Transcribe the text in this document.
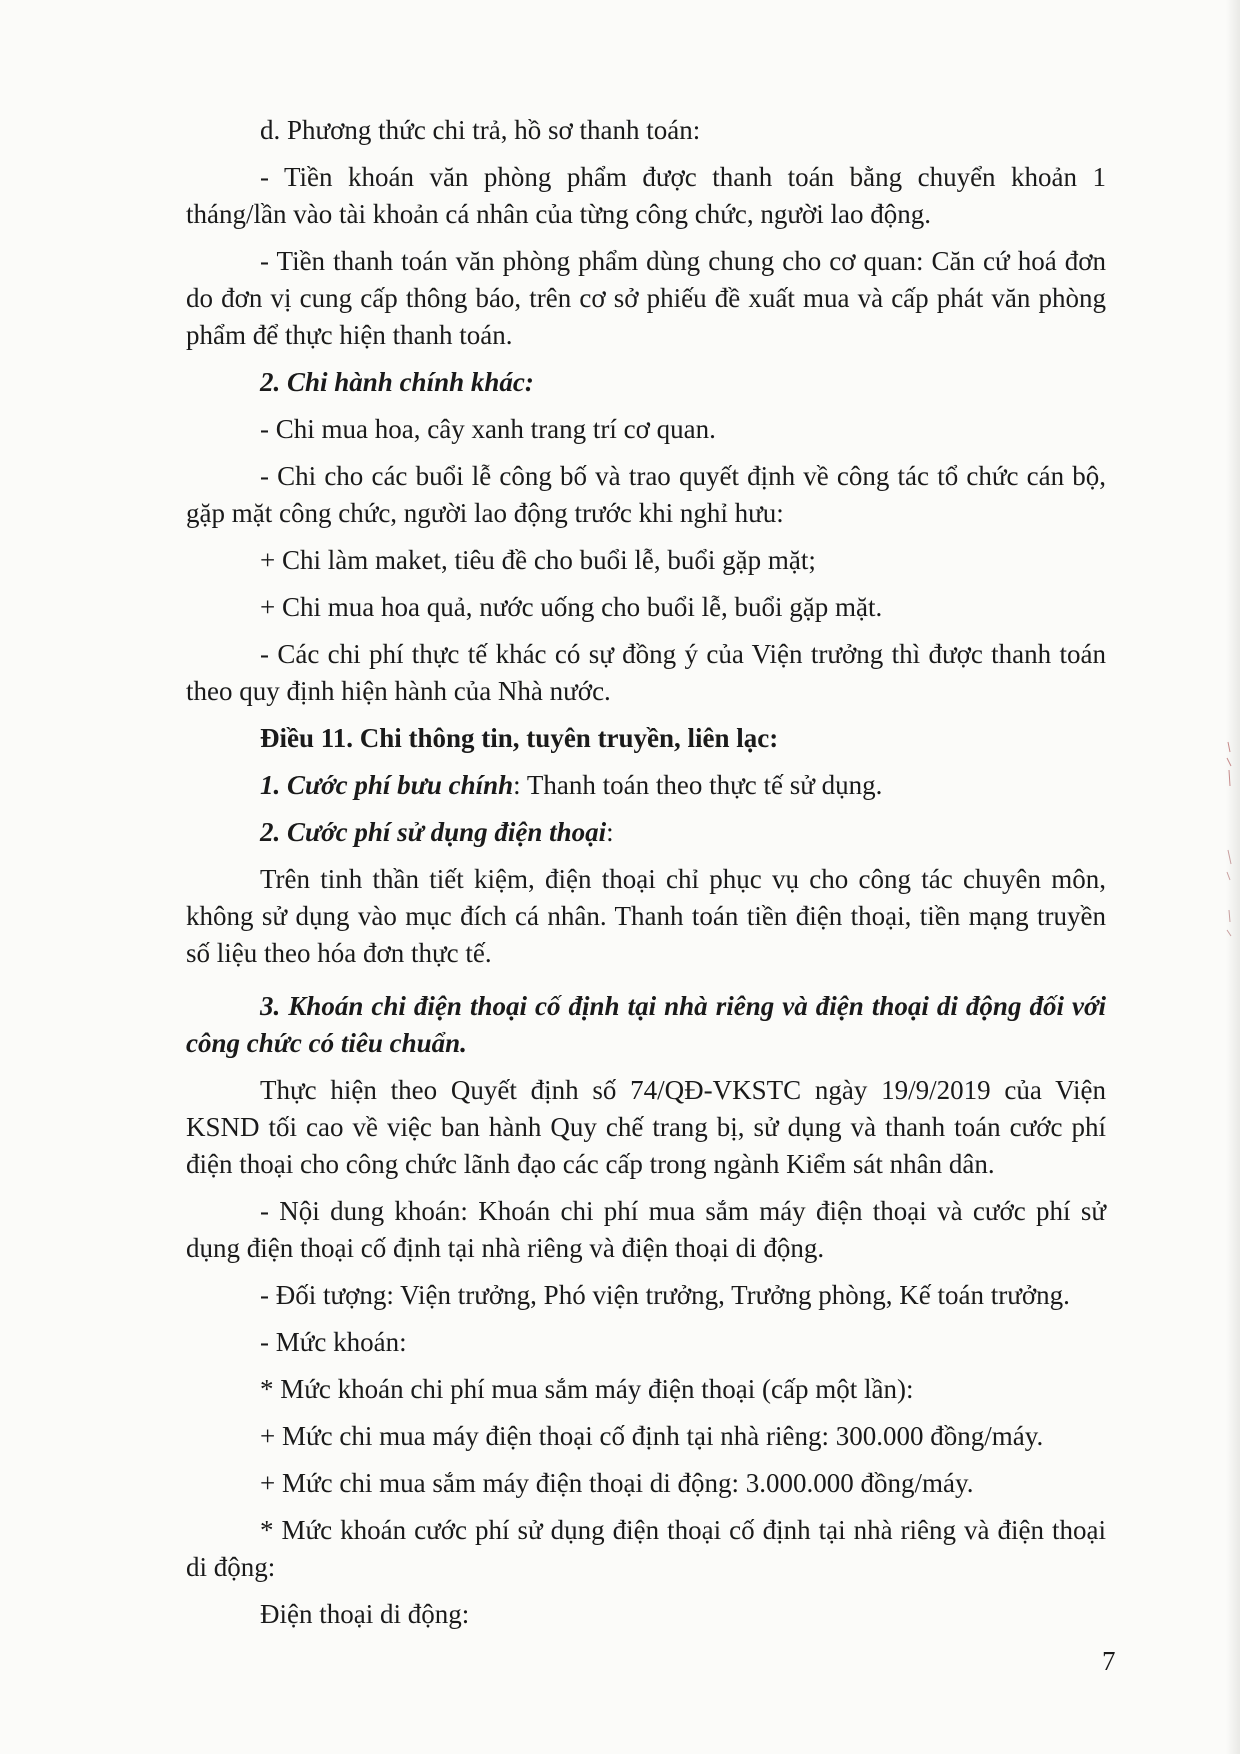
d. Phương thức chi trả, hồ sơ thanh toán:

- Tiền khoán văn phòng phẩm được thanh toán bằng chuyển khoản 1 tháng/lần vào tài khoản cá nhân của từng công chức, người lao động.

- Tiền thanh toán văn phòng phẩm dùng chung cho cơ quan: Căn cứ hoá đơn do đơn vị cung cấp thông báo, trên cơ sở phiếu đề xuất mua và cấp phát văn phòng phẩm để thực hiện thanh toán.

2. Chi hành chính khác:

- Chi mua hoa, cây xanh trang trí cơ quan.

- Chi cho các buổi lễ công bố và trao quyết định về công tác tổ chức cán bộ, gặp mặt công chức, người lao động trước khi nghỉ hưu:

+ Chi làm maket, tiêu đề cho buổi lễ, buổi gặp mặt;

+ Chi mua hoa quả, nước uống cho buổi lễ, buổi gặp mặt.

- Các chi phí thực tế khác có sự đồng ý của Viện trưởng thì được thanh toán theo quy định hiện hành của Nhà nước.

Điều 11. Chi thông tin, tuyên truyền, liên lạc:

1. Cước phí bưu chính: Thanh toán theo thực tế sử dụng.

2. Cước phí sử dụng điện thoại:

Trên tinh thần tiết kiệm, điện thoại chỉ phục vụ cho công tác chuyên môn, không sử dụng vào mục đích cá nhân. Thanh toán tiền điện thoại, tiền mạng truyền số liệu theo hóa đơn thực tế.

3. Khoán chi điện thoại cố định tại nhà riêng và điện thoại di động đối với công chức có tiêu chuẩn.

Thực hiện theo Quyết định số 74/QĐ-VKSTC ngày 19/9/2019 của Viện KSND tối cao về việc ban hành Quy chế trang bị, sử dụng và thanh toán cước phí điện thoại cho công chức lãnh đạo các cấp trong ngành Kiểm sát nhân dân.

- Nội dung khoán: Khoán chi phí mua sắm máy điện thoại và cước phí sử dụng điện thoại cố định tại nhà riêng và điện thoại di động.

- Đối tượng: Viện trưởng, Phó viện trưởng, Trưởng phòng, Kế toán trưởng.

- Mức khoán:

* Mức khoán chi phí mua sắm máy điện thoại (cấp một lần):

+ Mức chi mua máy điện thoại cố định tại nhà riêng: 300.000 đồng/máy.

+ Mức chi mua sắm máy điện thoại di động: 3.000.000 đồng/máy.

* Mức khoán cước phí sử dụng điện thoại cố định tại nhà riêng và điện thoại di động:

Điện thoại di động:

7
